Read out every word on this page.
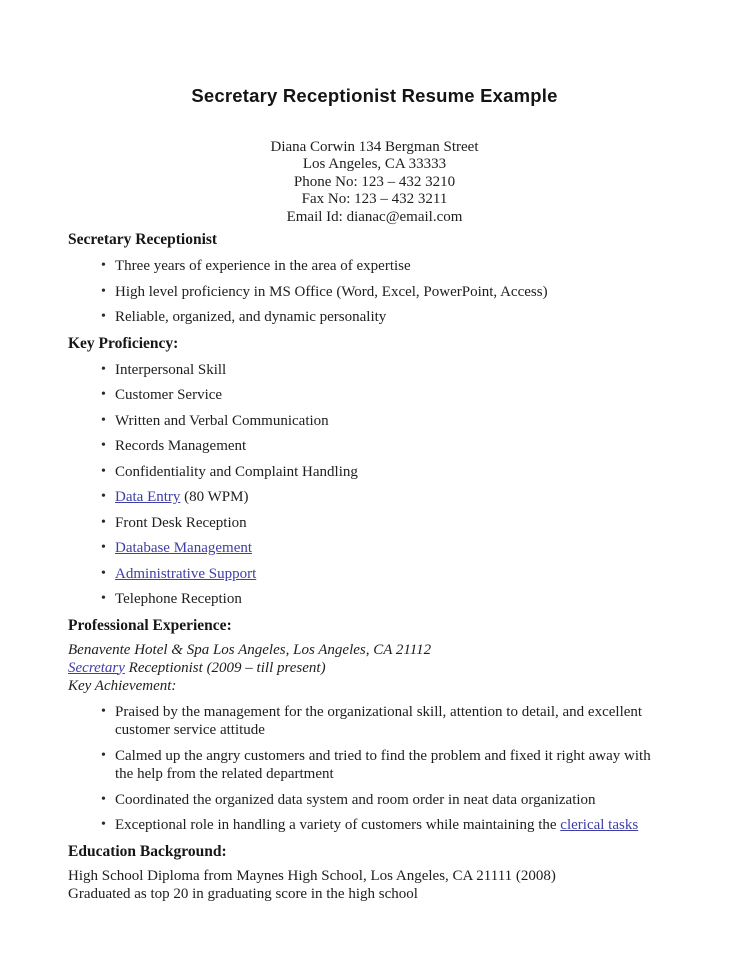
Secretary Receptionist Resume Example
Diana Corwin 134 Bergman Street
Los Angeles, CA 33333
Phone No: 123 – 432 3210
Fax No: 123 – 432 3211
Email Id: dianac@email.com
Secretary Receptionist
• Three years of experience in the area of expertise
• High level proficiency in MS Office (Word, Excel, PowerPoint, Access)
• Reliable, organized, and dynamic personality
Key Proficiency:
• Interpersonal Skill
• Customer Service
• Written and Verbal Communication
• Records Management
• Confidentiality and Complaint Handling
• Data Entry (80 WPM)
• Front Desk Reception
• Database Management
• Administrative Support
• Telephone Reception
Professional Experience:
Benavente Hotel & Spa Los Angeles, Los Angeles, CA 21112
Secretary Receptionist (2009 – till present)
Key Achievement:
• Praised by the management for the organizational skill, attention to detail, and excellent customer service attitude
• Calmed up the angry customers and tried to find the problem and fixed it right away with the help from the related department
• Coordinated the organized data system and room order in neat data organization
• Exceptional role in handling a variety of customers while maintaining the clerical tasks
Education Background:
High School Diploma from Maynes High School, Los Angeles, CA 21111 (2008)
Graduated as top 20 in graduating score in the high school
